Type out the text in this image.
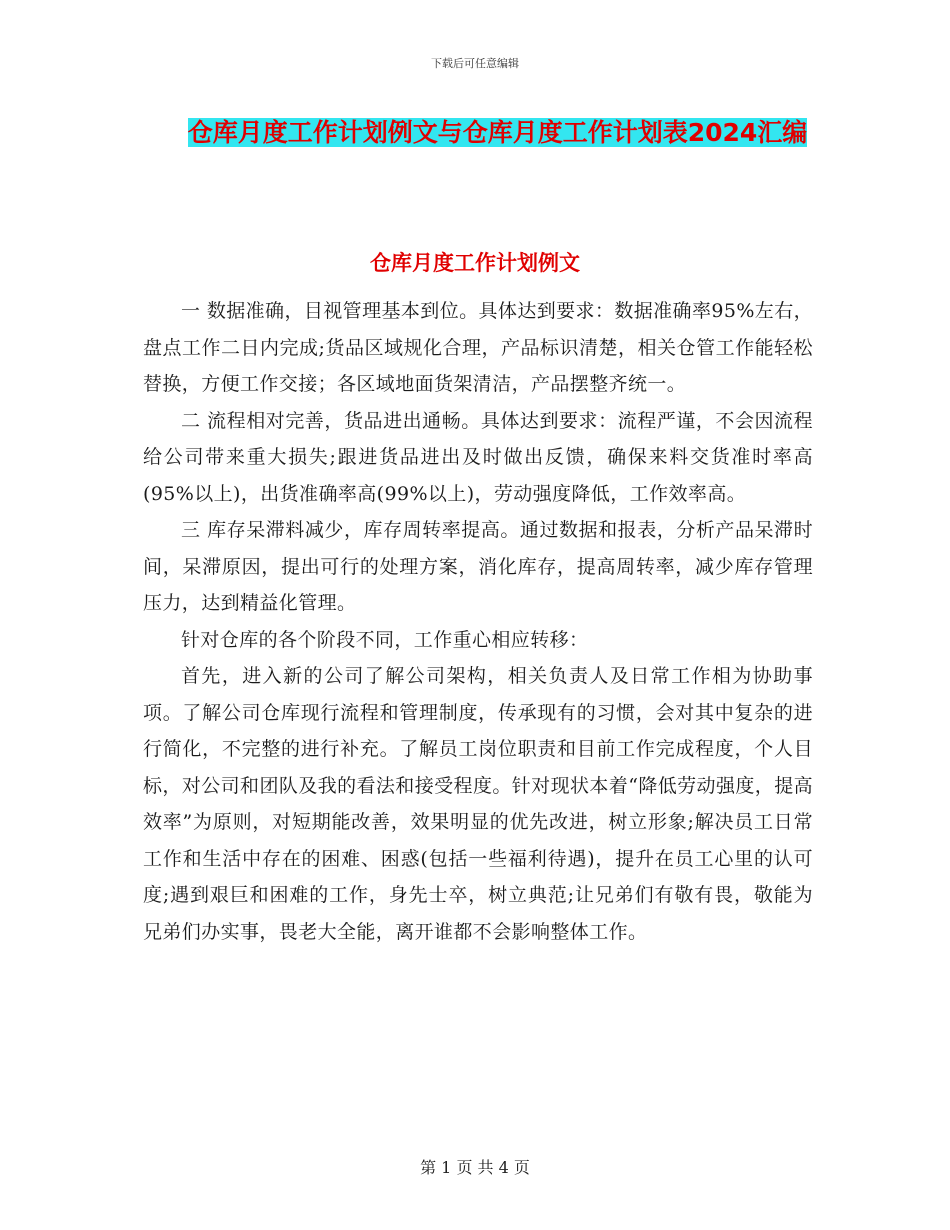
下载后可任意编辑
仓库月度工作计划例文与仓库月度工作计划表2024汇编
仓库月度工作计划例文

一 数据准确，目视管理基本到位。具体达到要求：数据准确率95%左右，盘点工作二日内完成;货品区域规化合理，产品标识清楚，相关仓管工作能轻松替换，方便工作交接；各区域地面货架清洁，产品摆整齐统一。

二 流程相对完善，货品进出通畅。具体达到要求：流程严谨，不会因流程给公司带来重大损失;跟进货品进出及时做出反馈，确保来料交货准时率高(95%以上)，出货准确率高(99%以上)，劳动强度降低，工作效率高。

三 库存呆滞料减少，库存周转率提高。通过数据和报表，分析产品呆滞时间，呆滞原因，提出可行的处理方案，消化库存，提高周转率，减少库存管理压力，达到精益化管理。

针对仓库的各个阶段不同，工作重心相应转移：

首先，进入新的公司了解公司架构，相关负责人及日常工作相为协助事项。了解公司仓库现行流程和管理制度，传承现有的习惯，会对其中复杂的进行简化，不完整的进行补充。了解员工岗位职责和目前工作完成程度，个人目标，对公司和团队及我的看法和接受程度。针对现状本着“降低劳动强度，提高效率”为原则，对短期能改善，效果明显的优先改进，树立形象;解决员工日常工作和生活中存在的困难、困惑(包括一些福利待遇)，提升在员工心里的认可度;遇到艰巨和困难的工作，身先士卒，树立典范;让兄弟们有敬有畏，敬能为兄弟们办实事，畏老大全能，离开谁都不会影响整体工作。

第 1 页 共 4 页
